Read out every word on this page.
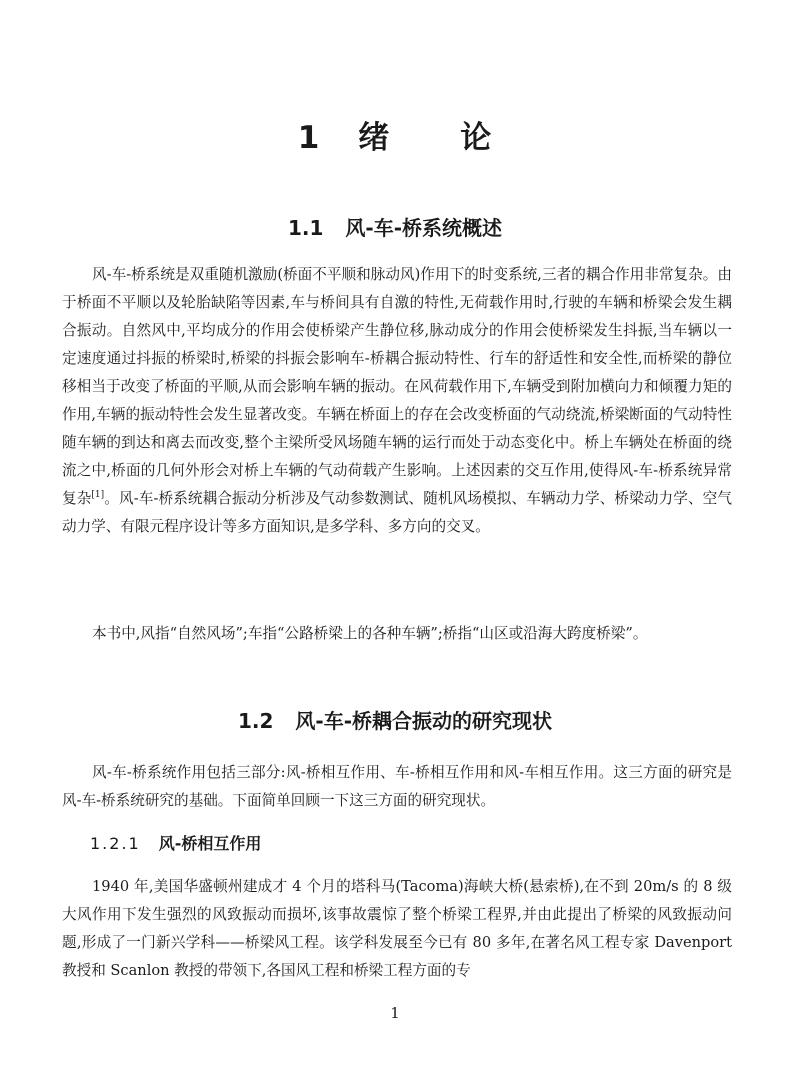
1 绪 论
1.1 风-车-桥系统概述

风-车-桥系统是双重随机激励(桥面不平顺和脉动风)作用下的时变系统,三者的耦合作用非常复杂。由于桥面不平顺以及轮胎缺陷等因素,车与桥间具有自激的特性,无荷载作用时,行驶的车辆和桥梁会发生耦合振动。自然风中,平均成分的作用会使桥梁产生静位移,脉动成分的作用会使桥梁发生抖振,当车辆以一定速度通过抖振的桥梁时,桥梁的抖振会影响车-桥耦合振动特性、行车的舒适性和安全性,而桥梁的静位移相当于改变了桥面的平顺,从而会影响车辆的振动。在风荷载作用下,车辆受到附加横向力和倾覆力矩的作用,车辆的振动特性会发生显著改变。车辆在桥面上的存在会改变桥面的气动绕流,桥梁断面的气动特性随车辆的到达和离去而改变,整个主梁所受风场随车辆的运行而处于动态变化中。桥上车辆处在桥面的绕流之中,桥面的几何外形会对桥上车辆的气动荷载产生影响。上述因素的交互作用,使得风-车-桥系统异常复杂[1]。风-车-桥系统耦合振动分析涉及气动参数测试、随机风场模拟、车辆动力学、桥梁动力学、空气动力学、有限元程序设计等多方面知识,是多学科、多方向的交叉。

本书中,风指“自然风场”;车指“公路桥梁上的各种车辆”;桥指“山区或沿海大跨度桥梁”。

1.2 风-车-桥耦合振动的研究现状

风-车-桥系统作用包括三部分:风-桥相互作用、车-桥相互作用和风-车相互作用。这三方面的研究是风-车-桥系统研究的基础。下面简单回顾一下这三方面的研究现状。

1.2.1 风-桥相互作用

1940 年,美国华盛顿州建成才 4 个月的塔科马(Tacoma)海峡大桥(悬索桥),在不到 20m/s 的 8 级大风作用下发生强烈的风致振动而损坏,该事故震惊了整个桥梁工程界,并由此提出了桥梁的风致振动问题,形成了一门新兴学科——桥梁风工程。该学科发展至今已有 80 多年,在著名风工程专家 Davenport 教授和 Scanlon 教授的带领下,各国风工程和桥梁工程方面的专

1
